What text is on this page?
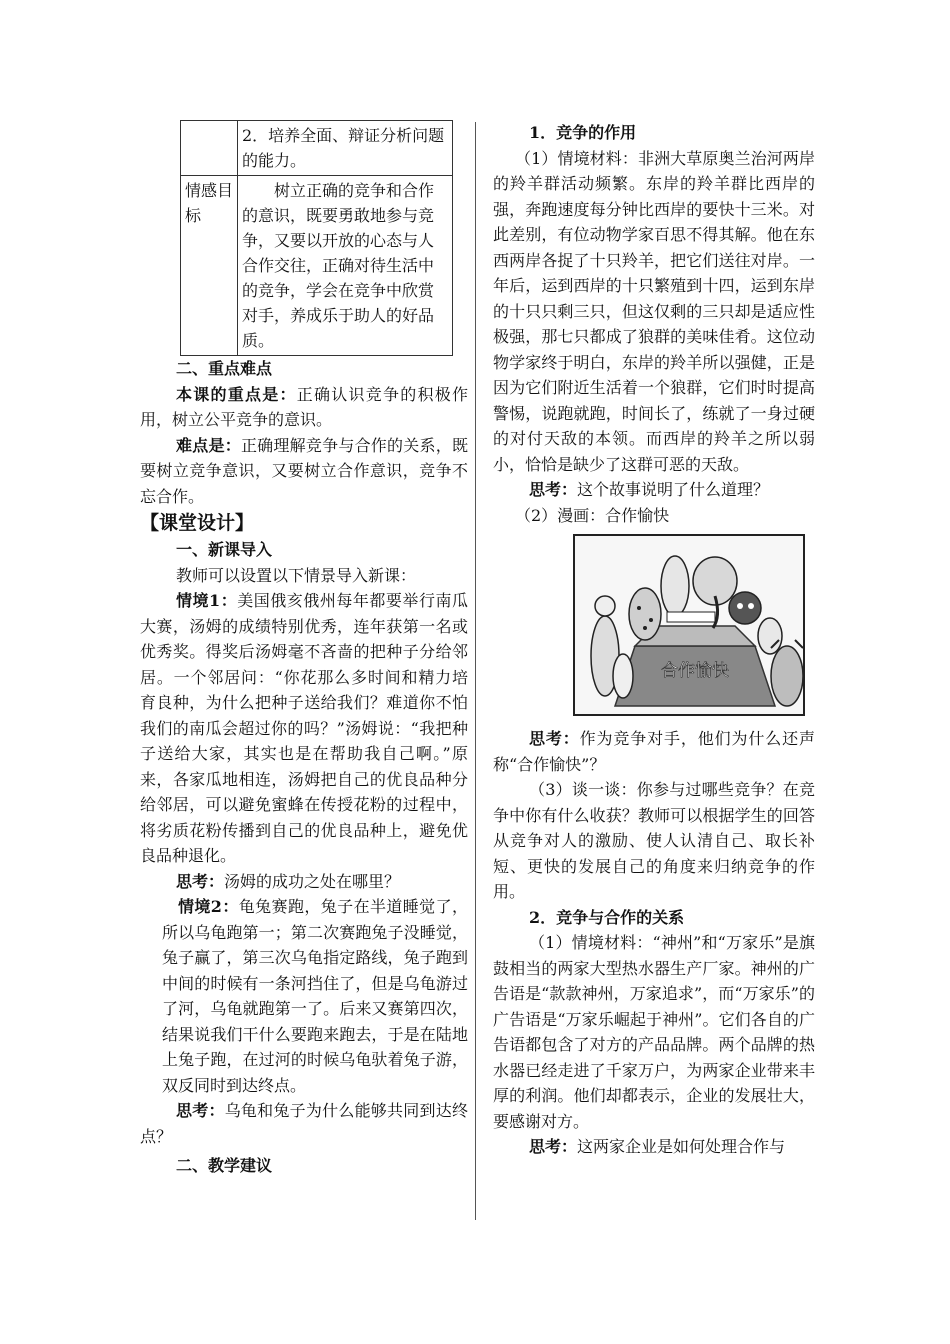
	2．培养全面、辩证分析问题的能力。
情感目标	树立正确的竞争和合作的意识，既要勇敢地参与竞争，又要以开放的心态与人合作交往，正确对待生活中的竞争，学会在竞争中欣赏对手，养成乐于助人的好品质。

二、重点难点

本课的重点是：正确认识竞争的积极作用，树立公平竞争的意识。

难点是：正确理解竞争与合作的关系，既要树立竞争意识，又要树立合作意识，竞争不忘合作。

【课堂设计】

一、新课导入

教师可以设置以下情景导入新课：

情境1：美国俄亥俄州每年都要举行南瓜大赛，汤姆的成绩特别优秀，连年获第一名或优秀奖。得奖后汤姆毫不吝啬的把种子分给邻居。一个邻居问：“你花那么多时间和精力培育良种，为什么把种子送给我们？难道你不怕我们的南瓜会超过你的吗？”汤姆说：“我把种子送给大家，其实也是在帮助我自己啊。”原来，各家瓜地相连，汤姆把自己的优良品种分给邻居，可以避免蜜蜂在传授花粉的过程中，将劣质花粉传播到自己的优良品种上，避免优良品种退化。

思考：汤姆的成功之处在哪里？

情境2：龟兔赛跑，兔子在半道睡觉了，所以乌龟跑第一；第二次赛跑兔子没睡觉，兔子赢了，第三次乌龟指定路线，兔子跑到中间的时候有一条河挡住了，但是乌龟游过了河，乌龟就跑第一了。后来又赛第四次，结果说我们干什么要跑来跑去，于是在陆地上兔子跑，在过河的时候乌龟驮着兔子游， 双反同时到达终点。

思考：乌龟和兔子为什么能够共同到达终点？

二、教学建议

1．竞争的作用

（1）情境材料：非洲大草原奥兰治河两岸的羚羊群活动频繁。东岸的羚羊群比西岸的强，奔跑速度每分钟比西岸的要快十三米。对此差别，有位动物学家百思不得其解。他在东西两岸各捉了十只羚羊，把它们送往对岸。一年后，运到西岸的十只繁殖到十四，运到东岸的十只只剩三只，但这仅剩的三只却是适应性极强，那七只都成了狼群的美味佳肴。这位动物学家终于明白，东岸的羚羊所以强健，正是因为它们附近生活着一个狼群，它们时时提高警惕，说跑就跑，时间长了，练就了一身过硬的对付天敌的本领。而西岸的羚羊之所以弱小，恰恰是缺少了这群可恶的天敌。

思考：这个故事说明了什么道理？

（2）漫画：合作愉快

合作愉快

思考：作为竞争对手，他们为什么还声称“合作愉快”？

（3）谈一谈：你参与过哪些竞争？在竞争中你有什么收获？教师可以根据学生的回答从竞争对人的激励、使人认清自己、取长补短、更快的发展自己的角度来归纳竞争的作用。

2．竞争与合作的关系

（1）情境材料：“神州”和“万家乐”是旗鼓相当的两家大型热水器生产厂家。神州的广告语是“款款神州，万家追求”，而“万家乐”的广告语是“万家乐崛起于神州”。它们各自的广告语都包含了对方的产品品牌。两个品牌的热水器已经走进了千家万户，为两家企业带来丰厚的利润。他们却都表示，企业的发展壮大，要感谢对方。

思考：这两家企业是如何处理合作与
